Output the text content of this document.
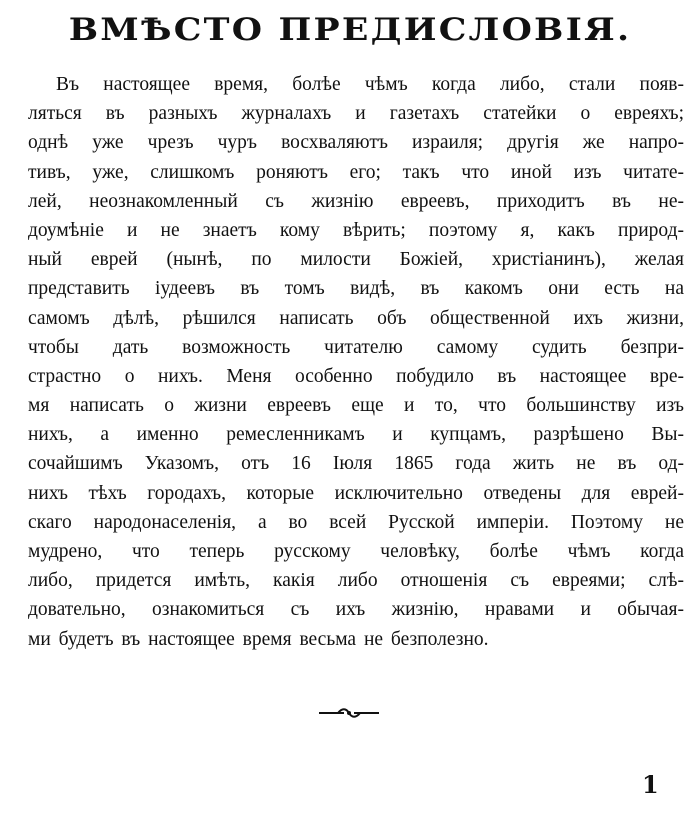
ВМѢСТО ПРЕДИСЛОВІЯ.
Въ настоящее время, болѣе чѣмъ когда либо, стали появ-
ляться въ разныхъ журналахъ и газетахъ статейки о евреяхъ;
однѣ уже чрезъ чуръ восхваляютъ израиля; другія же напро-
тивъ, уже, слишкомъ роняютъ его; такъ что иной изъ читате-
лей, неознакомленный съ жизнію евреевъ, приходитъ въ не-
доумѣніе и не знаетъ кому вѣрить; поэтому я, какъ природ-
ный еврей (нынѣ, по милости Божіей, христіанинъ), желая
представить іудеевъ въ томъ видѣ, въ какомъ они есть на
самомъ дѣлѣ, рѣшился написать объ общественной ихъ жизни,
чтобы дать возможность читателю самому судить безпри-
страстно о нихъ. Меня особенно побудило въ настоящее вре-
мя написать о жизни евреевъ еще и то, что большинству изъ
нихъ, а именно ремесленникамъ и купцамъ, разрѣшено Вы-
сочайшимъ Указомъ, отъ 16 Іюля 1865 года жить не въ од-
нихъ тѣхъ городахъ, которые исключительно отведены для еврей-
скаго народонаселенія, а во всей Русской имперіи. Поэтому не
мудрено, что теперь русскому человѣку, болѣе чѣмъ когда
либо, придется имѣть, какія либо отношенія съ евреями; слѣ-
довательно, ознакомиться съ ихъ жизнію, нравами и обычая-
ми будетъ въ настоящее время весьма не безполезно.
1
